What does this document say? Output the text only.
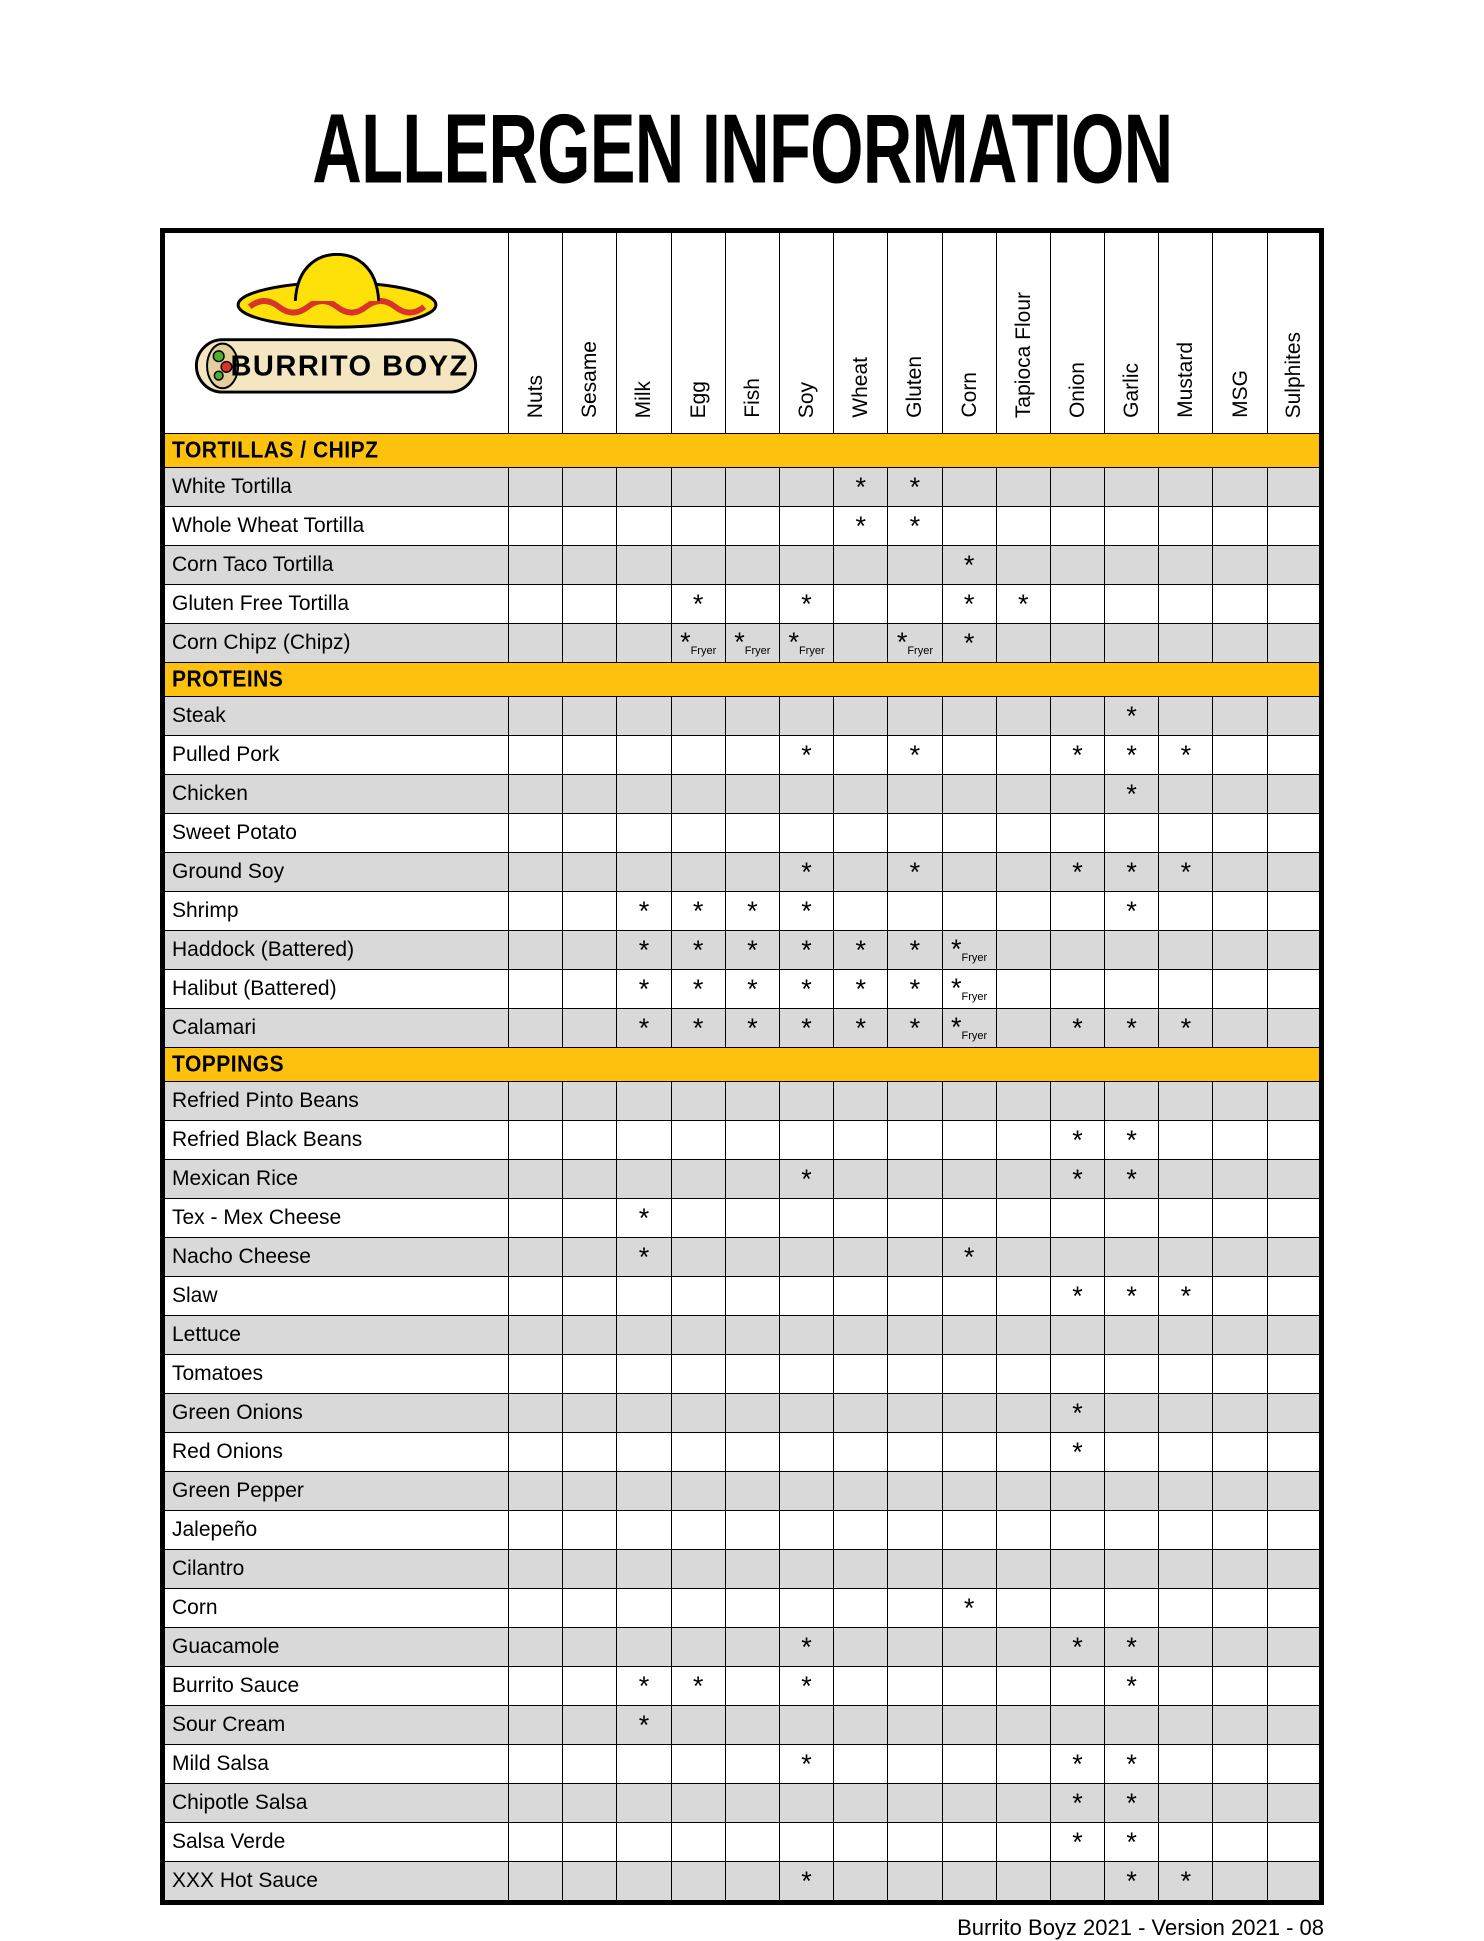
ALLERGEN INFORMATION
BURRITO BOYZ	Nuts	Sesame	Milk	Egg	Fish	Soy	Wheat	Gluten	Corn	Tapioca Flour	Onion	Garlic	Mustard	MSG	Sulphites
TORTILLAS / CHIPZ															
White Tortilla							*	*							
Whole Wheat Tortilla							*	*							
Corn Taco Tortilla									*						
Gluten Free Tortilla				*		*			*	*					
Corn Chipz (Chipz)				*Fryer	*Fryer	*Fryer		*Fryer	*						
PROTEINS															
Steak												*			
Pulled Pork						*		*			*	*	*		
Chicken												*			
Sweet Potato															
Ground Soy						*		*			*	*	*		
Shrimp			*	*	*	*						*			
Haddock (Battered)			*	*	*	*	*	*	*Fryer						
Halibut (Battered)			*	*	*	*	*	*	*Fryer						
Calamari			*	*	*	*	*	*	*Fryer		*	*	*		
TOPPINGS															
Refried Pinto Beans															
Refried Black Beans											*	*			
Mexican Rice						*					*	*			
Tex - Mex Cheese			*												
Nacho Cheese			*						*						
Slaw											*	*	*		
Lettuce															
Tomatoes															
Green Onions											*				
Red Onions											*				
Green Pepper															
Jalepeño															
Cilantro															
Corn									*						
Guacamole						*					*	*			
Burrito Sauce			*	*		*						*			
Sour Cream			*												
Mild Salsa						*					*	*			
Chipotle Salsa											*	*			
Salsa Verde											*	*			
XXX Hot Sauce						*						*	*		
Burrito Boyz 2021 - Version 2021 - 08
